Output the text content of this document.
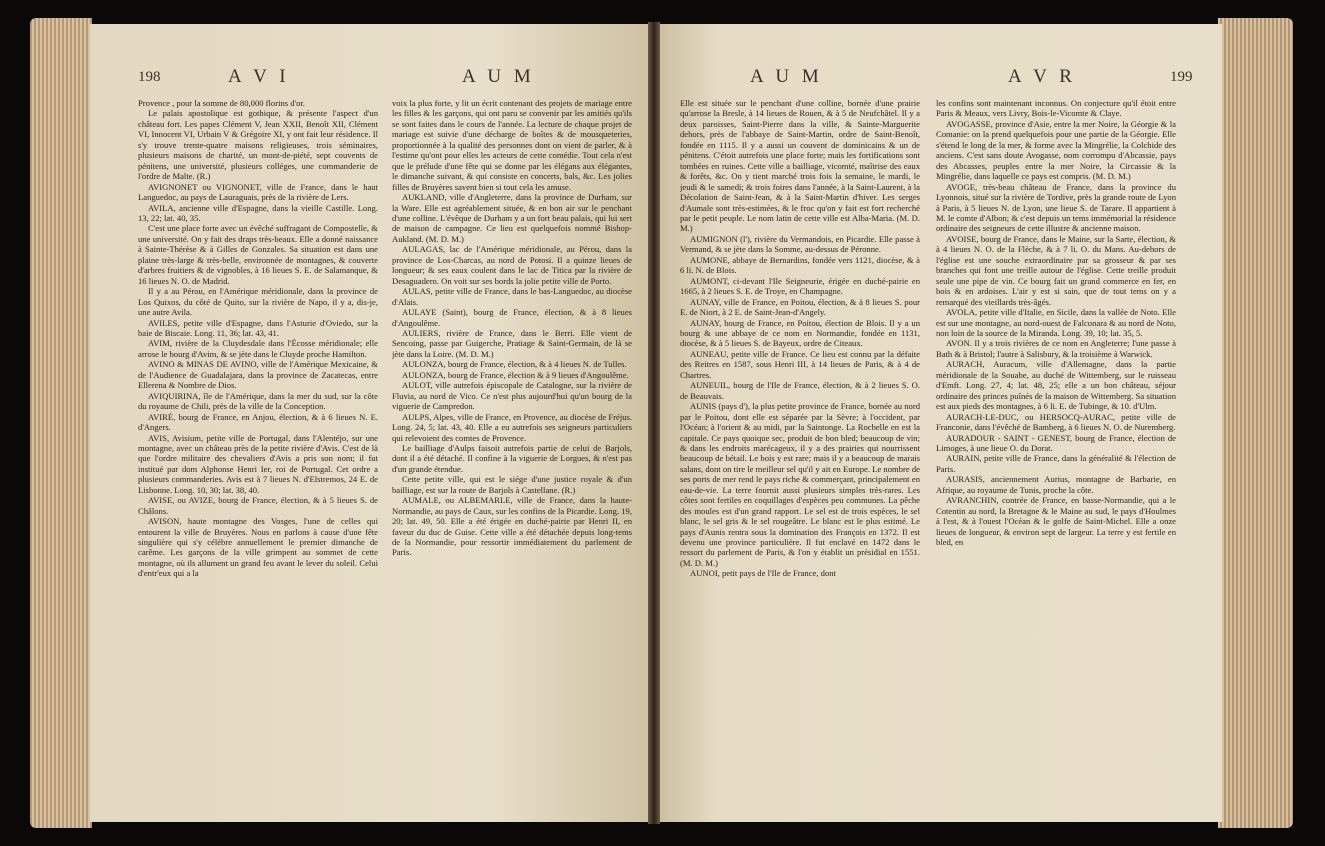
198	A V I	A U M

Provence , pour la somme de 80,000 florins d'or.

Le palais apostolique est gothique, & présente l'aspect d'un château fort. Les papes Clément V, Jean XXII, Benoît XII, Clément VI, Innocent VI, Urbain V & Grégoire XI, y ont fait leur résidence. Il s'y trouve trente-quatre maisons religieuses, trois séminaires, plusieurs maisons de charité, un mont-de-piété, sept couvents de pénitens, une université, plusieurs colléges, une commanderie de l'ordre de Malte. (R.)

AVIGNONET ou VIGNONET, ville de France, dans le haut Languedoc, au pays de Lauraguais, près de la rivière de Lers.

AVILA, ancienne ville d'Espagne, dans la vieille Castille. Long. 13, 22; lat. 40, 35.

C'est une place forte avec un évêché suffragant de Compostelle, & une université. On y fait des draps très-beaux. Elle a donné naissance à Sainte-Thérèse & à Gilles de Gonzales. Sa situation est dans une plaine très-large & très-belle, environnée de montagnes, & couverte d'arbres fruitiers & de vignobles, à 16 lieues S. E. de Salamanque, & 16 lieues N. O. de Madrid.

Il y a au Pérou, en l'Amérique méridionale, dans la province de Los Quixos, du côté de Quito, sur la rivière de Napo, il y a, dis-je, une autre Avila.

AVILES, petite ville d'Espagne, dans l'Asturie d'Oviedo, sur la baie de Biscaie. Long. 11, 36; lat. 43, 41.

AVIM, rivière de la Cluydesdale dans l'Écosse méridionale; elle arrose le bourg d'Avim, & se jète dans le Cluyde proche Hamilton.

AVINO & MINAS DE AVINO, ville de l'Amérique Mexicaine, & de l'Audience de Guadalajara, dans la province de Zacatecas, entre Ellerena & Nombre de Dios.

AVIQUIRINA, île de l'Amérique, dans la mer du sud, sur la côte du royaume de Chili, près de la ville de la Conception.

AVIRÉ, bourg de France, en Anjou, élection, & à 6 lieues N. E. d'Angers.

AVIS, Avisium, petite ville de Portugal, dans l'Alentéjo, sur une montagne, avec un château près de la petite rivière d'Avis. C'est de là que l'ordre militaire des chevaliers d'Avis a pris son nom; il fut institué par dom Alphonse Henri Ier, roi de Portugal. Cet ordre a plusieurs commanderies. Avis est à 7 lieues N. d'Elstremos, 24 E. de Lisbonne. Long. 10, 30; lat. 38, 40.

AVISE, ou AVIZE, bourg de France, élection, & à 5 lieues S. de Châlons.

AVISON, haute montagne des Vosges, l'une de celles qui entourent la ville de Bruyères. Nous en parlons à cause d'une fête singulière qui s'y célèbre annuellement le premier dimanche de carême. Les garçons de la ville grimpent au sommet de cette montagne, où ils allument un grand feu avant le lever du soleil. Celui d'entr'eux qui a la

voix la plus forte, y lit un écrit contenant des projets de mariage entre les filles & les garçons, qui ont paru se convenir par les amitiés qu'ils se sont faites dans le cours de l'année. La lecture de chaque projet de mariage est suivie d'une décharge de boîtes & de mousqueteries, proportionnée à la qualité des personnes dont on vient de parler, & à l'estime qu'ont pour elles les acteurs de cette comédie. Tout cela n'est que le prélude d'une fête qui se donne par les élégans aux élégantes, le dimanche suivant, & qui consiste en concerts, bals, &c. Les jolies filles de Bruyères savent bien si tout cela les amuse.

AUKLAND, ville d'Angleterre, dans la province de Durham, sur la Ware. Elle est agréablement située, & en bon air sur le penchant d'une colline. L'évêque de Durham y a un fort beau palais, qui lui sert de maison de campagne. Ce lieu est quelquefois nommé Bishop-Aukland. (M. D. M.)

AULAGAS, lac de l'Amérique méridionale, au Pérou, dans la province de Los-Charcas, au nord de Potosi. Il a quinze lieues de longueur; & ses eaux coulent dans le lac de Titica par la rivière de Desaguadero. On voit sur ses bords la jolie petite ville de Porto.

AULAS, petite ville de France, dans le bas-Languedoc, au diocèse d'Alais.

AULAYE (Saint), bourg de France, élection, & à 8 lieues d'Angoulême.

AULIERS, rivière de France, dans le Berri. Elle vient de Sencoing, passe par Guigerche, Pratiage & Saint-Germain, de là se jète dans la Loire. (M. D. M.)

AULONZA, bourg de France, élection, & à 4 lieues N. de Tulles.

AULONZA, bourg de France, élection & à 9 lieues d'Angoulême.

AULOT, ville autrefois épiscopale de Catalogne, sur la rivière de Fluvia, au nord de Vico. Ce n'est plus aujourd'hui qu'un bourg de la viguerie de Campredon.

AULPS, Alpes, ville de France, en Provence, au diocèse de Fréjus. Long. 24, 5; lat. 43, 40. Elle a eu autrefois ses seigneurs particuliers qui relevoient des comtes de Provence.

Le bailliage d'Aulps faisoit autrefois partie de celui de Barjols, dont il a été détaché. Il confine à la viguerie de Lorgues, & n'est pas d'un grande étendue.

Cette petite ville, qui est le siége d'une justice royale & d'un bailliage, est sur la route de Barjols à Castellane. (R.)

AUMALE, ou ALBEMARLE, ville de France, dans la haute-Normandie, au pays de Caux, sur les confins de la Picardie. Long. 19, 20; lat. 49, 50. Elle a été érigée en duché-pairie par Henri II, en faveur du duc de Guise. Cette ville a été détachée depuis long-tems de la Normandie, pour ressortir immédiatement du parlement de Paris.

A U M	A V R	199

Elle est située sur le penchant d'une colline, bornée d'une prairie qu'arrose la Bresle, à 14 lieues de Rouen, & à 5 de Neufchâtel. Il y a deux paroisses, Saint-Pierre dans la ville, & Sainte-Marguerite dehors, près de l'abbaye de Saint-Martin, ordre de Saint-Benoît, fondée en 1115. Il y a aussi un couvent de dominicains & un de pénitens. C'étoit autrefois une place forte; mais les fortifications sont tombées en ruines. Cette ville a bailliage, vicomté, maîtrise des eaux & forêts, &c. On y tient marché trois fois la semaine, le mardi, le jeudi & le samedi; & trois foires dans l'année, à la Saint-Laurent, à la Décolation de Saint-Jean, & à la Saint-Martin d'hiver. Les serges d'Aumale sont très-estimées, & le froc qu'on y fait est fort recherché par le petit peuple. Le nom latin de cette ville est Alba-Maria. (M. D. M.)

AUMIGNON (l'), rivière du Vermandois, en Picardie. Elle passe à Vermand, & se jète dans la Somme, au-dessus de Péronne.

AUMONE, abbaye de Bernardins, fondée vers 1121, diocèse, & à 6 li. N. de Blois.

AUMONT, ci-devant l'Ile Seigneurie, érigée en duché-pairie en 1665, à 2 lieues S. E. de Troye, en Champagne.

AUNAY, ville de France, en Poitou, élection, & à 8 lieues S. pour E. de Niort, à 2 E. de Saint-Jean-d'Angely.

AUNAY, bourg de France, en Poitou, élection de Blois. Il y a un bourg & une abbaye de ce nom en Normandie, fondée en 1131, diocèse, & à 5 lieues S. de Bayeux, ordre de Citeaux.

AUNEAU, petite ville de France. Ce lieu est connu par la défaite des Reitres en 1587, sous Henri III, à 14 lieues de Paris, & à 4 de Chartres.

AUNEUIL, bourg de l'Ile de France, élection, & à 2 lieues S. O. de Beauvais.

AUNIS (pays d'), la plus petite province de France, bornée au nord par le Poitou, dont elle est séparée par la Sèvre; à l'occident, par l'Océan; à l'orient & au midi, par la Saintonge. La Rochelle en est la capitale. Ce pays quoique sec, produit de bon bled; beaucoup de vin; & dans les endroits marécageux, il y a des prairies qui nourrissent beaucoup de bétail. Le bois y est rare; mais il y a beaucoup de marais salans, dont on tire le meilleur sel qu'il y ait en Europe. Le nombre de ses ports de mer rend le pays riche & commerçant, principalement en eau-de-vie. La terre fournit aussi plusieurs simples très-rares. Les côtes sont fertiles en coquillages d'espèces peu communes. La pêche des moules est d'un grand rapport. Le sel est de trois espèces, le sel blanc, le sel gris & le sel rougeâtre. Le blanc est le plus estimé. Le pays d'Aunis rentra sous la domination des François en 1372. Il est devenu une province particulière. Il fut enclavé en 1472 dans le ressort du parlement de Paris, & l'on y établit un présidial en 1551. (M. D. M.)

AUNOI, petit pays de l'Ile de France, dont

les confins sont maintenant inconnus. On conjecture qu'il étoit entre Paris & Meaux, vers Livry, Bois-le-Vicomte & Claye.

AVOGASSE, province d'Asie, entre la mer Noire, la Géorgie & la Comanie: on la prend quelquefois pour une partie de la Géorgie. Elle s'étend le long de la mer, & forme avec la Mingrélie, la Colchide des anciens. C'est sans doute Avogasse, nom corrompu d'Abcassie, pays des Abcasses, peuples entre la mer Noire, la Circassie & la Mingrélie, dans laquelle ce pays est compris. (M. D. M.)

AVOGE, très-beau château de France, dans la province du Lyonnois, situé sur la rivière de Tordive, près la grande route de Lyon à Paris, à 5 lieues N. de Lyon, une lieue S. de Tarare. Il appartient à M. le comte d'Albon; & c'est depuis un tems immémorial la résidence ordinaire des seigneurs de cette illustre & ancienne maison.

AVOISE, bourg de France, dans le Maine, sur la Sarte, élection, & à 4 lieues N. O. de la Flèche, & à 7 li. O. du Mans. Au-dehors de l'église est une souche extraordinaire par sa grosseur & par ses branches qui font une treille autour de l'église. Cette treille produit seule une pipe de vin. Ce bourg fait un grand commerce en fer, en bois & en ardoises. L'air y est si sain, que de tout tems on y a remarqué des vieillards très-âgés.

AVOLA, petite ville d'Italie, en Sicile, dans la vallée de Noto. Elle est sur une montagne, au nord-ouest de Falconara & au nord de Noto, non loin de la source de la Miranda. Long. 39, 10; lat. 35, 5.

AVON. Il y a trois rivières de ce nom en Angleterre; l'une passe à Bath & à Bristol; l'autre à Salisbury, & la troisième à Warwick.

AURACH, Auracum, ville d'Allemagne, dans la partie méridionale de la Souabe, au duché de Wittemberg, sur le ruisseau d'Emft. Long. 27, 4; lat. 48, 25; elle a un bon château, séjour ordinaire des princes puînés de la maison de Wittemberg. Sa situation est aux pieds des montagnes, à 6 li. E. de Tubinge, & 10. d'Ulm.

AURACH-LE-DUC, ou HERSOCQ-AURAC, petite ville de Franconie, dans l'évêché de Bamberg, à 6 lieues N. O. de Nuremberg.

AURADOUR - SAINT - GENEST, bourg de France, élection de Limoges, à une lieue O. du Dorat.

AURAIN, petite ville de France, dans la généralité & l'élection de Paris.

AURASIS, anciennement Aurius, montagne de Barbarie, en Afrique, au royaume de Tunis, proche la côte.

AVRANCHIN, contrée de France, en basse-Normandie, qui a le Cotentin au nord, la Bretagne & le Maine au sud, le pays d'Houlmes à l'est, & à l'ouest l'Océan & le golfe de Saint-Michel. Elle a onze lieues de longueur, & environ sept de largeur. La terre y est fertile en bled, en
